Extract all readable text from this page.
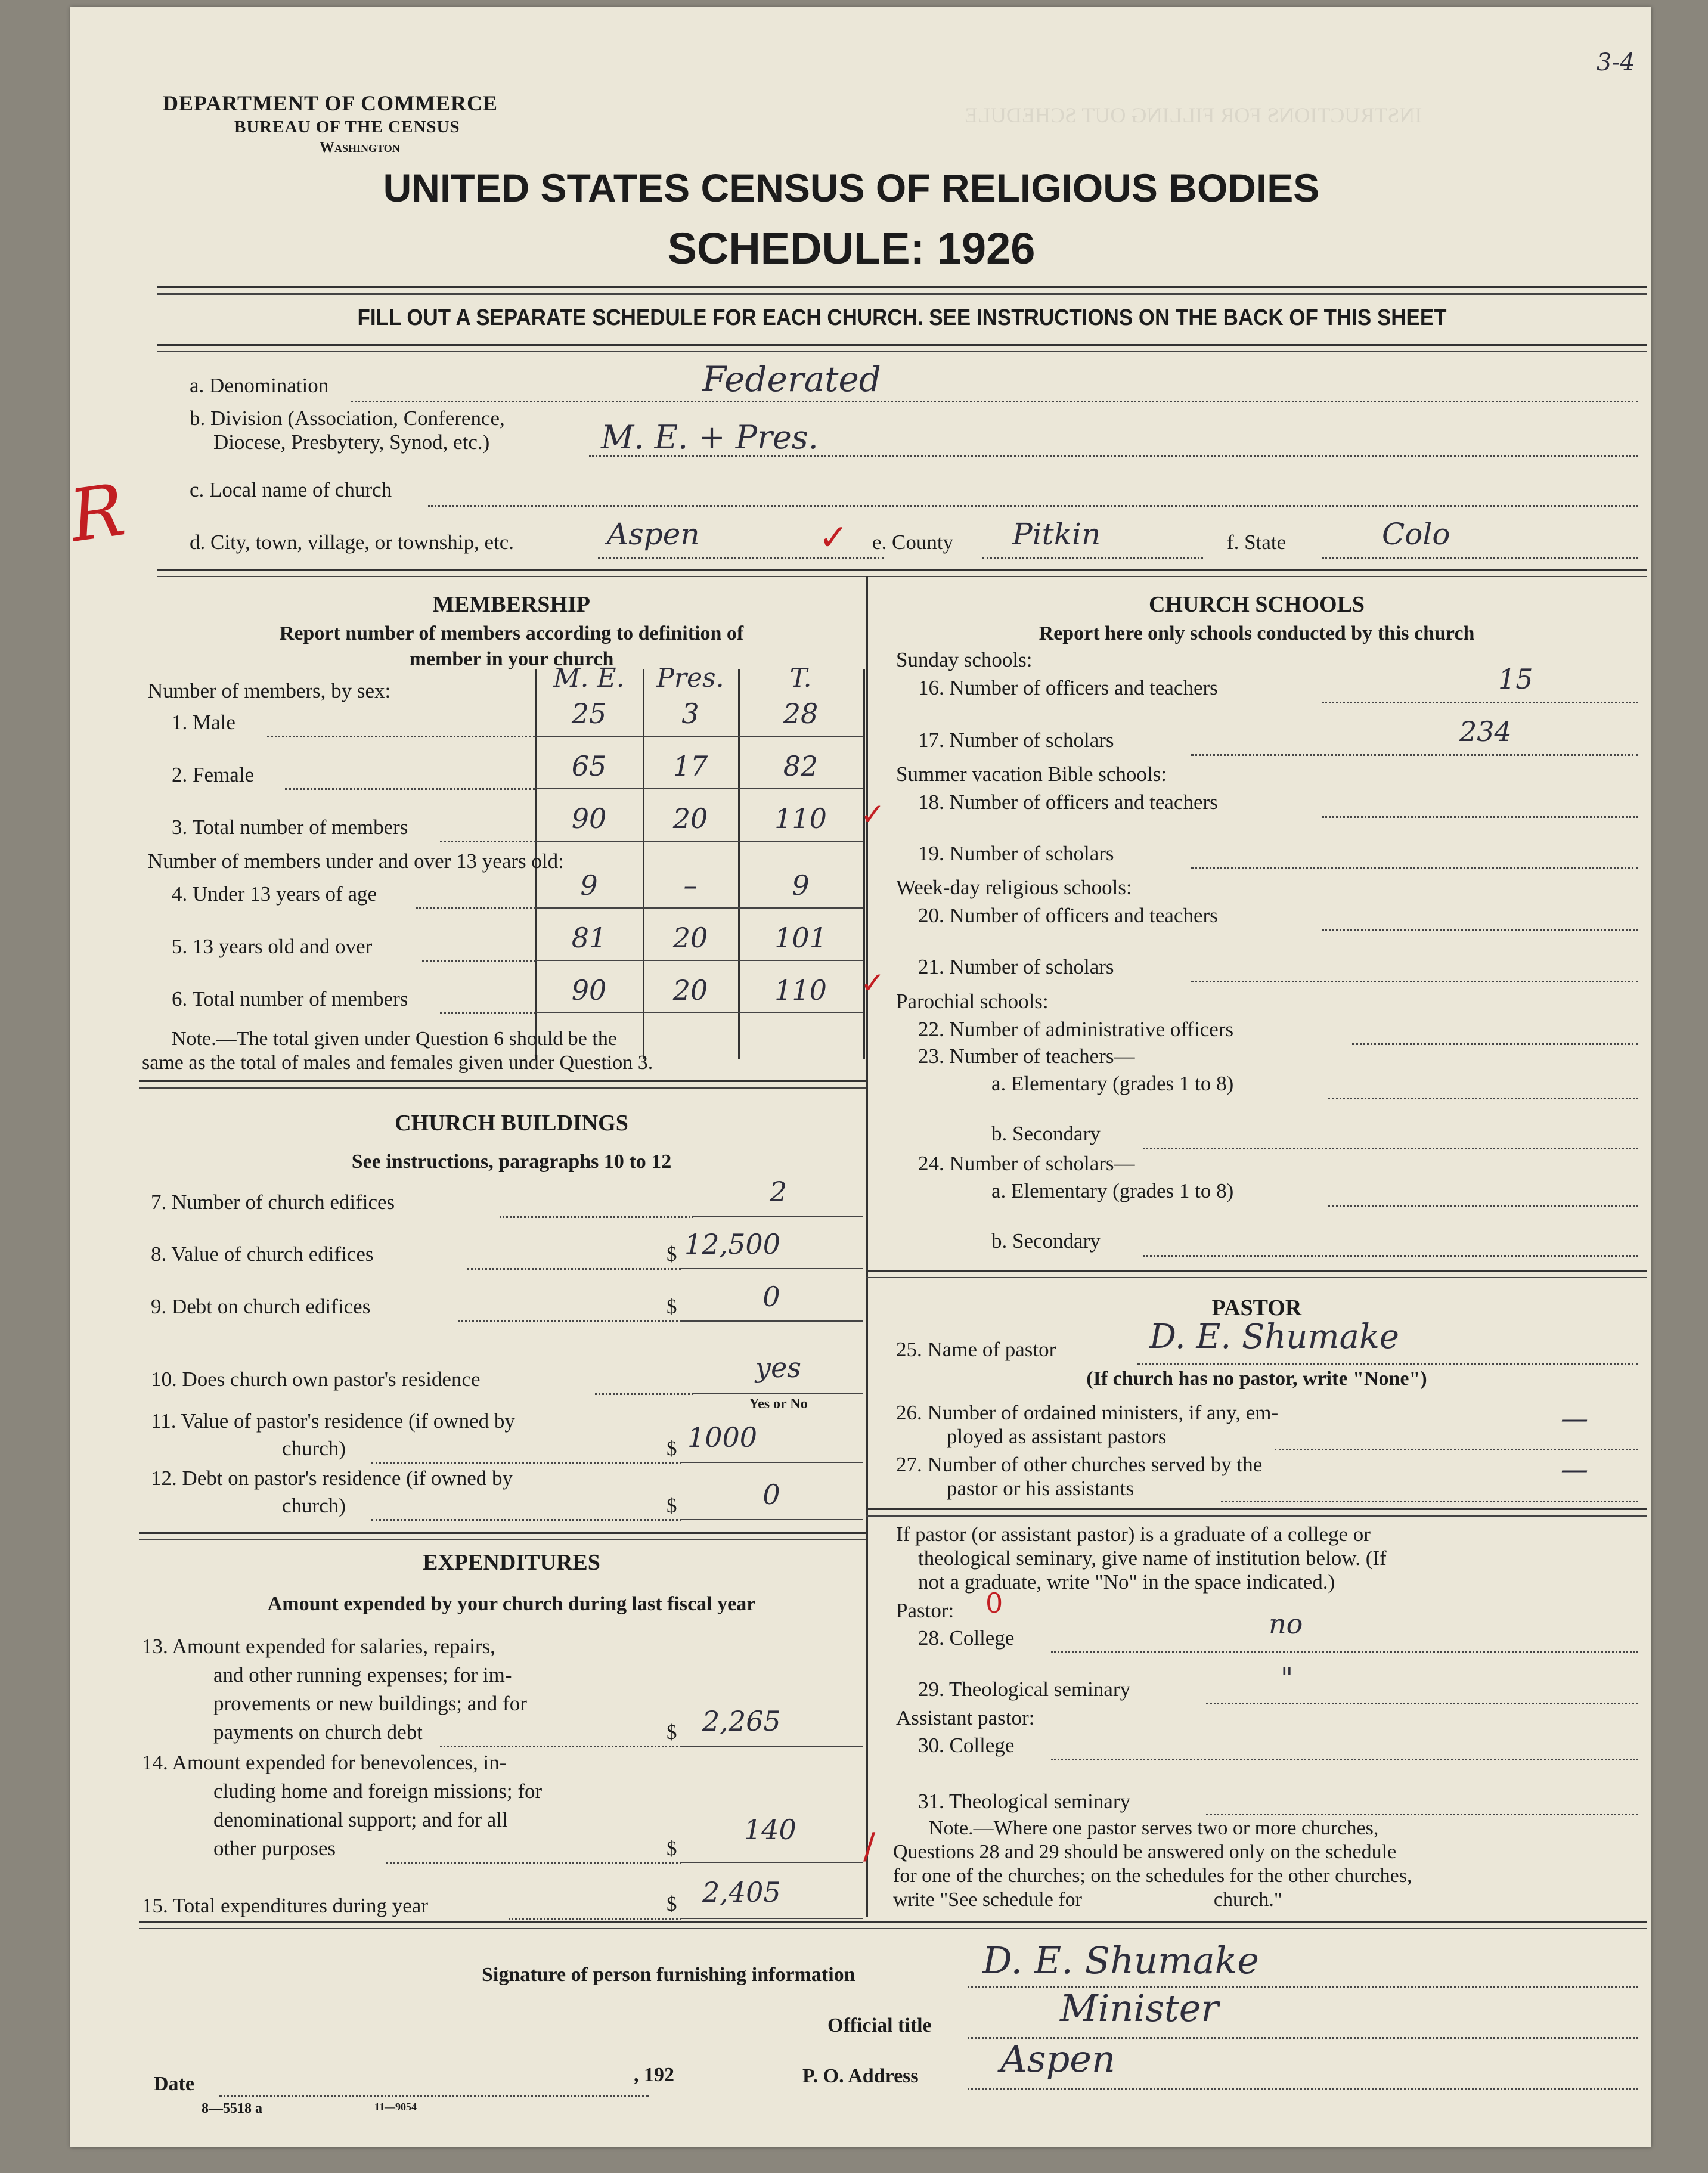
INSTRUCTIONS FOR FILLING OUT SCHEDULE
3-4
DEPARTMENT OF COMMERCE
BUREAU OF THE CENSUS
Washington
UNITED STATES CENSUS OF RELIGIOUS BODIES
SCHEDULE: 1926
FILL OUT A SEPARATE SCHEDULE FOR EACH CHURCH. SEE INSTRUCTIONS ON THE BACK OF THIS SHEET
a. Denomination	Federated
b. Division (Association, Conference,
Diocese, Presbytery, Synod, etc.)	M. E. + Pres.
c. Local name of church
R	d. City, town, village, or township, etc.	Aspen	✓ e. County Pitkin	f. State	Colo
MEMBERSHIP
Report number of members according to definition of
member in your church
Number of members, by sex:	M. E.	Pres.	T.
1. Male	25	3	28
2. Female	65	17	82
3. Total number of members	90	20	110	✓
Number of members under and over 13 years old:
4. Under 13 years of age	9	–	9
5. 13 years old and over	81	20	101
6. Total number of members	90	20	110	✓
Note.—The total given under Question 6 should be the
same as the total of males and females given under Question 3.
CHURCH BUILDINGS
See instructions, paragraphs 10 to 12
7. Number of church edifices	2
8. Value of church edifices	$ 12,500
9. Debt on church edifices	$	0
10. Does church own pastor's residence	yes
Yes or No
11. Value of pastor's residence (if owned by
church)	$ 1000
12. Debt on pastor's residence (if owned by
church)	$	0
EXPENDITURES
Amount expended by your church during last fiscal year
13. Amount expended for salaries, repairs,
and other running expenses; for im-
provements or new buildings; and for
payments on church debt	$ 2,265
14. Amount expended for benevolences, in-
cluding home and foreign missions; for
denominational support; and for all
other purposes	$
140 /
15. Total expenditures during year	$ 2,405
CHURCH SCHOOLS
Report here only schools conducted by this church
Sunday schools:
16. Number of officers and teachers	15
17. Number of scholars	234
Summer vacation Bible schools:
18. Number of officers and teachers
19. Number of scholars
Week-day religious schools:
20. Number of officers and teachers
21. Number of scholars
Parochial schools:
22. Number of administrative officers
23. Number of teachers—
a. Elementary (grades 1 to 8)
b. Secondary
24. Number of scholars—
a. Elementary (grades 1 to 8)
b. Secondary
PASTOR
25. Name of pastor	D. E. Shumake
(If church has no pastor, write "None")
26. Number of ordained ministers, if any, em-
ployed as assistant pastors
—
27. Number of other churches served by the
pastor or his assistants
—
If pastor (or assistant pastor) is a graduate of a college or
theological seminary, give name of institution below. (If
not a graduate, write "No" in the space indicated.)
Pastor: 0
28. College	no
29. Theological seminary	"
Assistant pastor:
30. College
31. Theological seminary
Note.—Where one pastor serves two or more churches,
Questions 28 and 29 should be answered only on the schedule
for one of the churches; on the schedules for the other churches,
write "See schedule for                          church."
Signature of person furnishing information	D. E. Shumake
Official title	Minister
P. O. Address Aspen
Date	, 192
8—5518 a	11—9054
